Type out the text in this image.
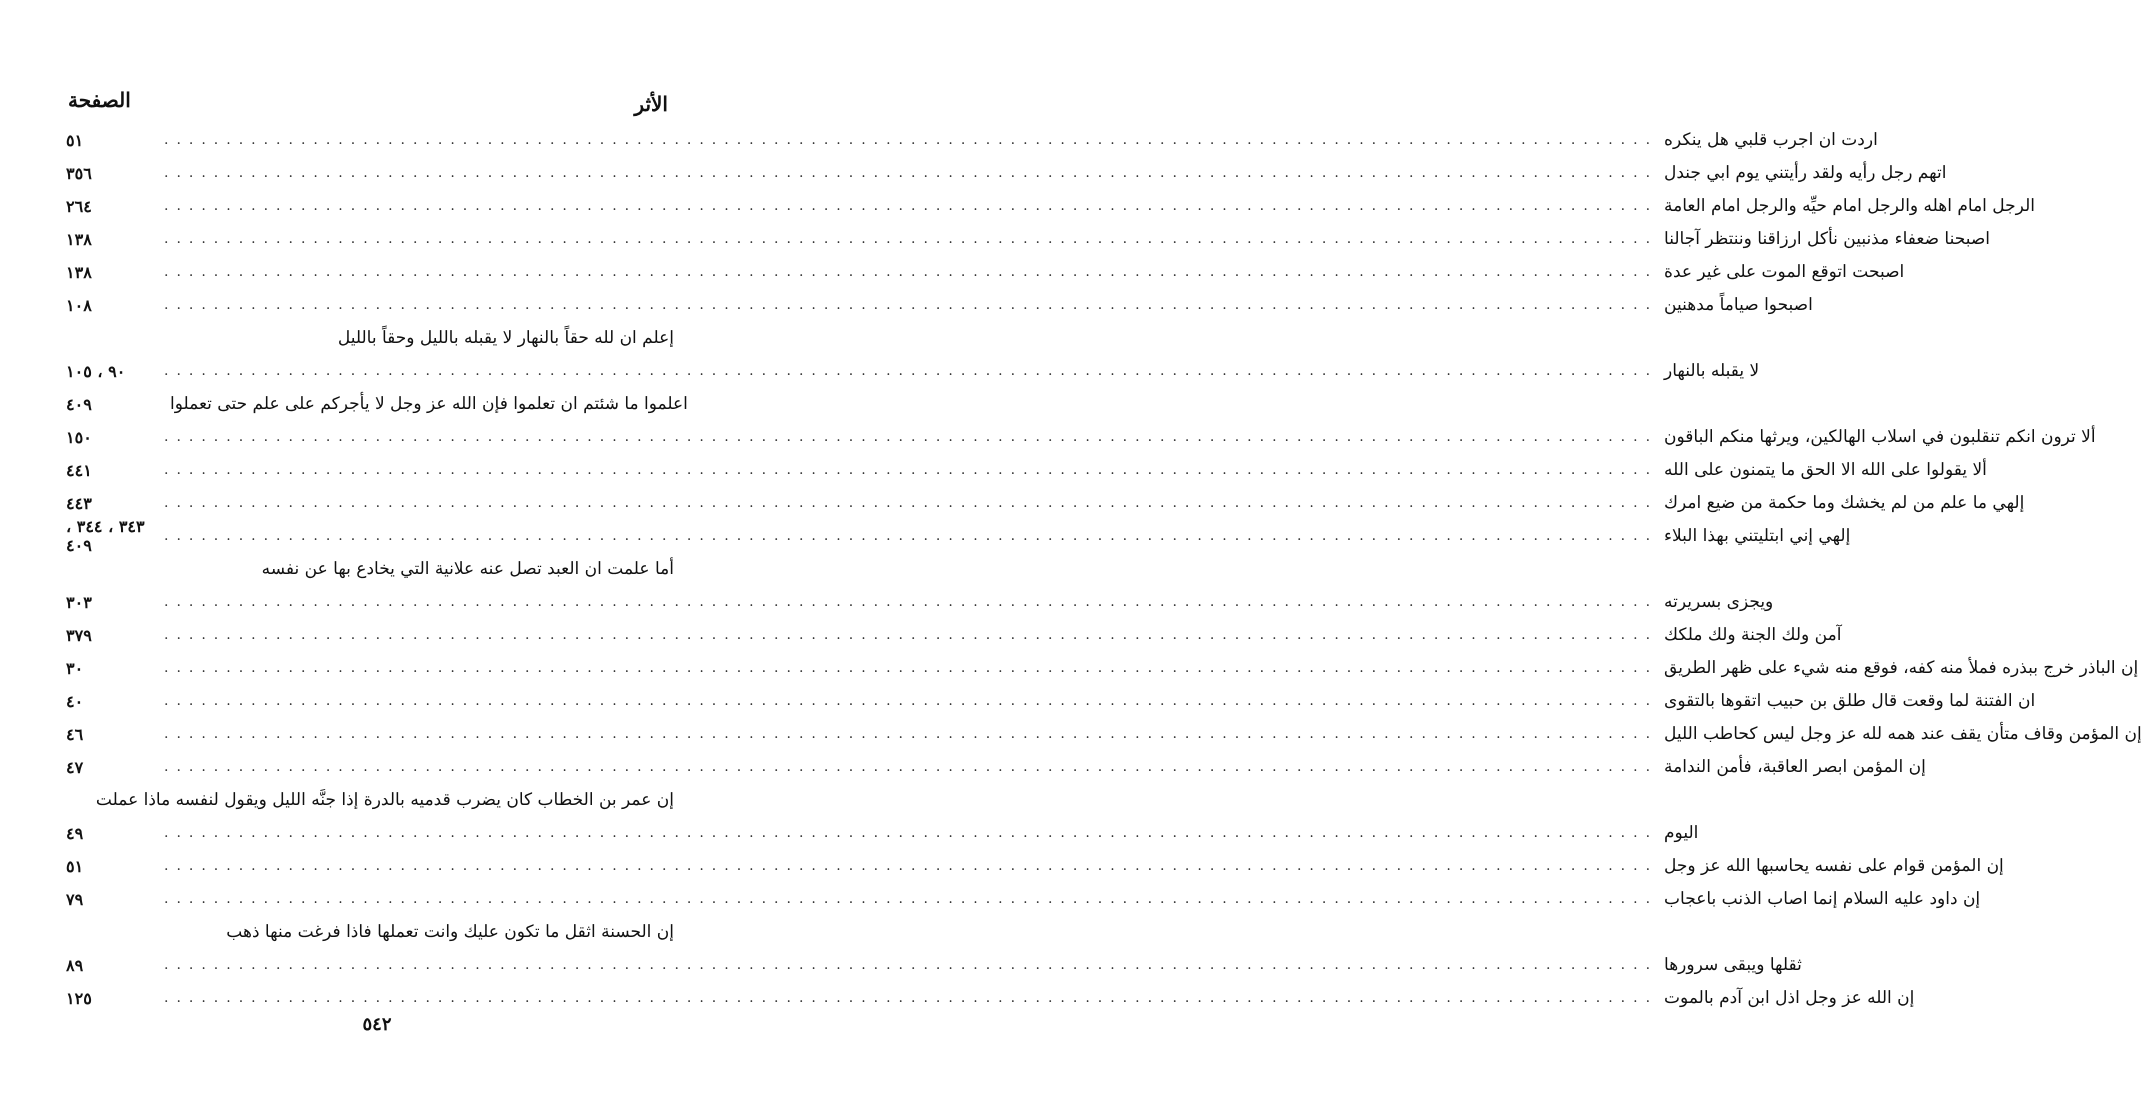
الصفحة	الأثر
٥١	........................................................................................................................ اردت ان اجرب قلبي هل ينكره
٣٥٦	........................................................................................................................ اتهم رجل رأيه ولقد رأيتني يوم ابي جندل
٢٦٤	........................................................................................................................ الرجل امام اهله والرجل امام حيِّه والرجل امام العامة
١٣٨	........................................................................................................................ اصبحنا ضعفاء مذنبين نأكل ارزاقنا وننتظر آجالنا
١٣٨	........................................................................................................................ اصبحت اتوقع الموت على غير عدة
١٠٨	........................................................................................................................ اصبحوا صياماً مدهنين
إعلم ان لله حقاً بالنهار لا يقبله بالليل وحقاً بالليل
٩٠ ، ١٠٥	........................................................................................................................ لا يقبله بالنهار
٤٠٩	اعلموا ما شئتم ان تعلموا فإن الله عز وجل لا يأجركم على علم حتى تعملوا
١٥٠	........................................................................................................................ ألا ترون انكم تنقلبون في اسلاب الهالكين، ويرثها منكم الباقون
٤٤١	........................................................................................................................ ألا يقولوا على الله الا الحق ما يتمنون على الله
٤٤٣	........................................................................................................................ إلهي ما علم من لم يخشك وما حكمة من ضيع امرك
٣٤٣ ، ٣٤٤ ، ٤٠٩	........................................................................................................................ إلهي إني ابتليتني بهذا البلاء
أما علمت ان العبد تصل عنه علانية التي يخادع بها عن نفسه
٣٠٣	........................................................................................................................ ويجزى بسريرته
٣٧٩	........................................................................................................................ آمن ولك الجنة ولك ملكك
٣٠	........................................................................................................................ إن الباذر خرج ببذره فملأ منه كفه، فوقع منه شيء على ظهر الطريق
٤٠	........................................................................................................................ ان الفتنة لما وقعت قال طلق بن حبيب اتقوها بالتقوى
٤٦	........................................................................................................................ إن المؤمن وقاف متأن يقف عند همه لله عز وجل ليس كحاطب الليل
٤٧	........................................................................................................................ إن المؤمن ابصر العاقبة، فأمن الندامة
إن عمر بن الخطاب كان يضرب قدميه بالدرة إذا جنَّه الليل ويقول لنفسه ماذا عملت
٤٩	........................................................................................................................ اليوم
٥١	........................................................................................................................ إن المؤمن قوام على نفسه يحاسبها الله عز وجل
٧٩	........................................................................................................................ إن داود عليه السلام إنما اصاب الذنب باعجاب
إن الحسنة اثقل ما تكون عليك وانت تعملها فاذا فرغت منها ذهب
٨٩	........................................................................................................................ ثقلها ويبقى سرورها
١٢٥	........................................................................................................................ إن الله عز وجل اذل ابن آدم بالموت
٥٤٢
